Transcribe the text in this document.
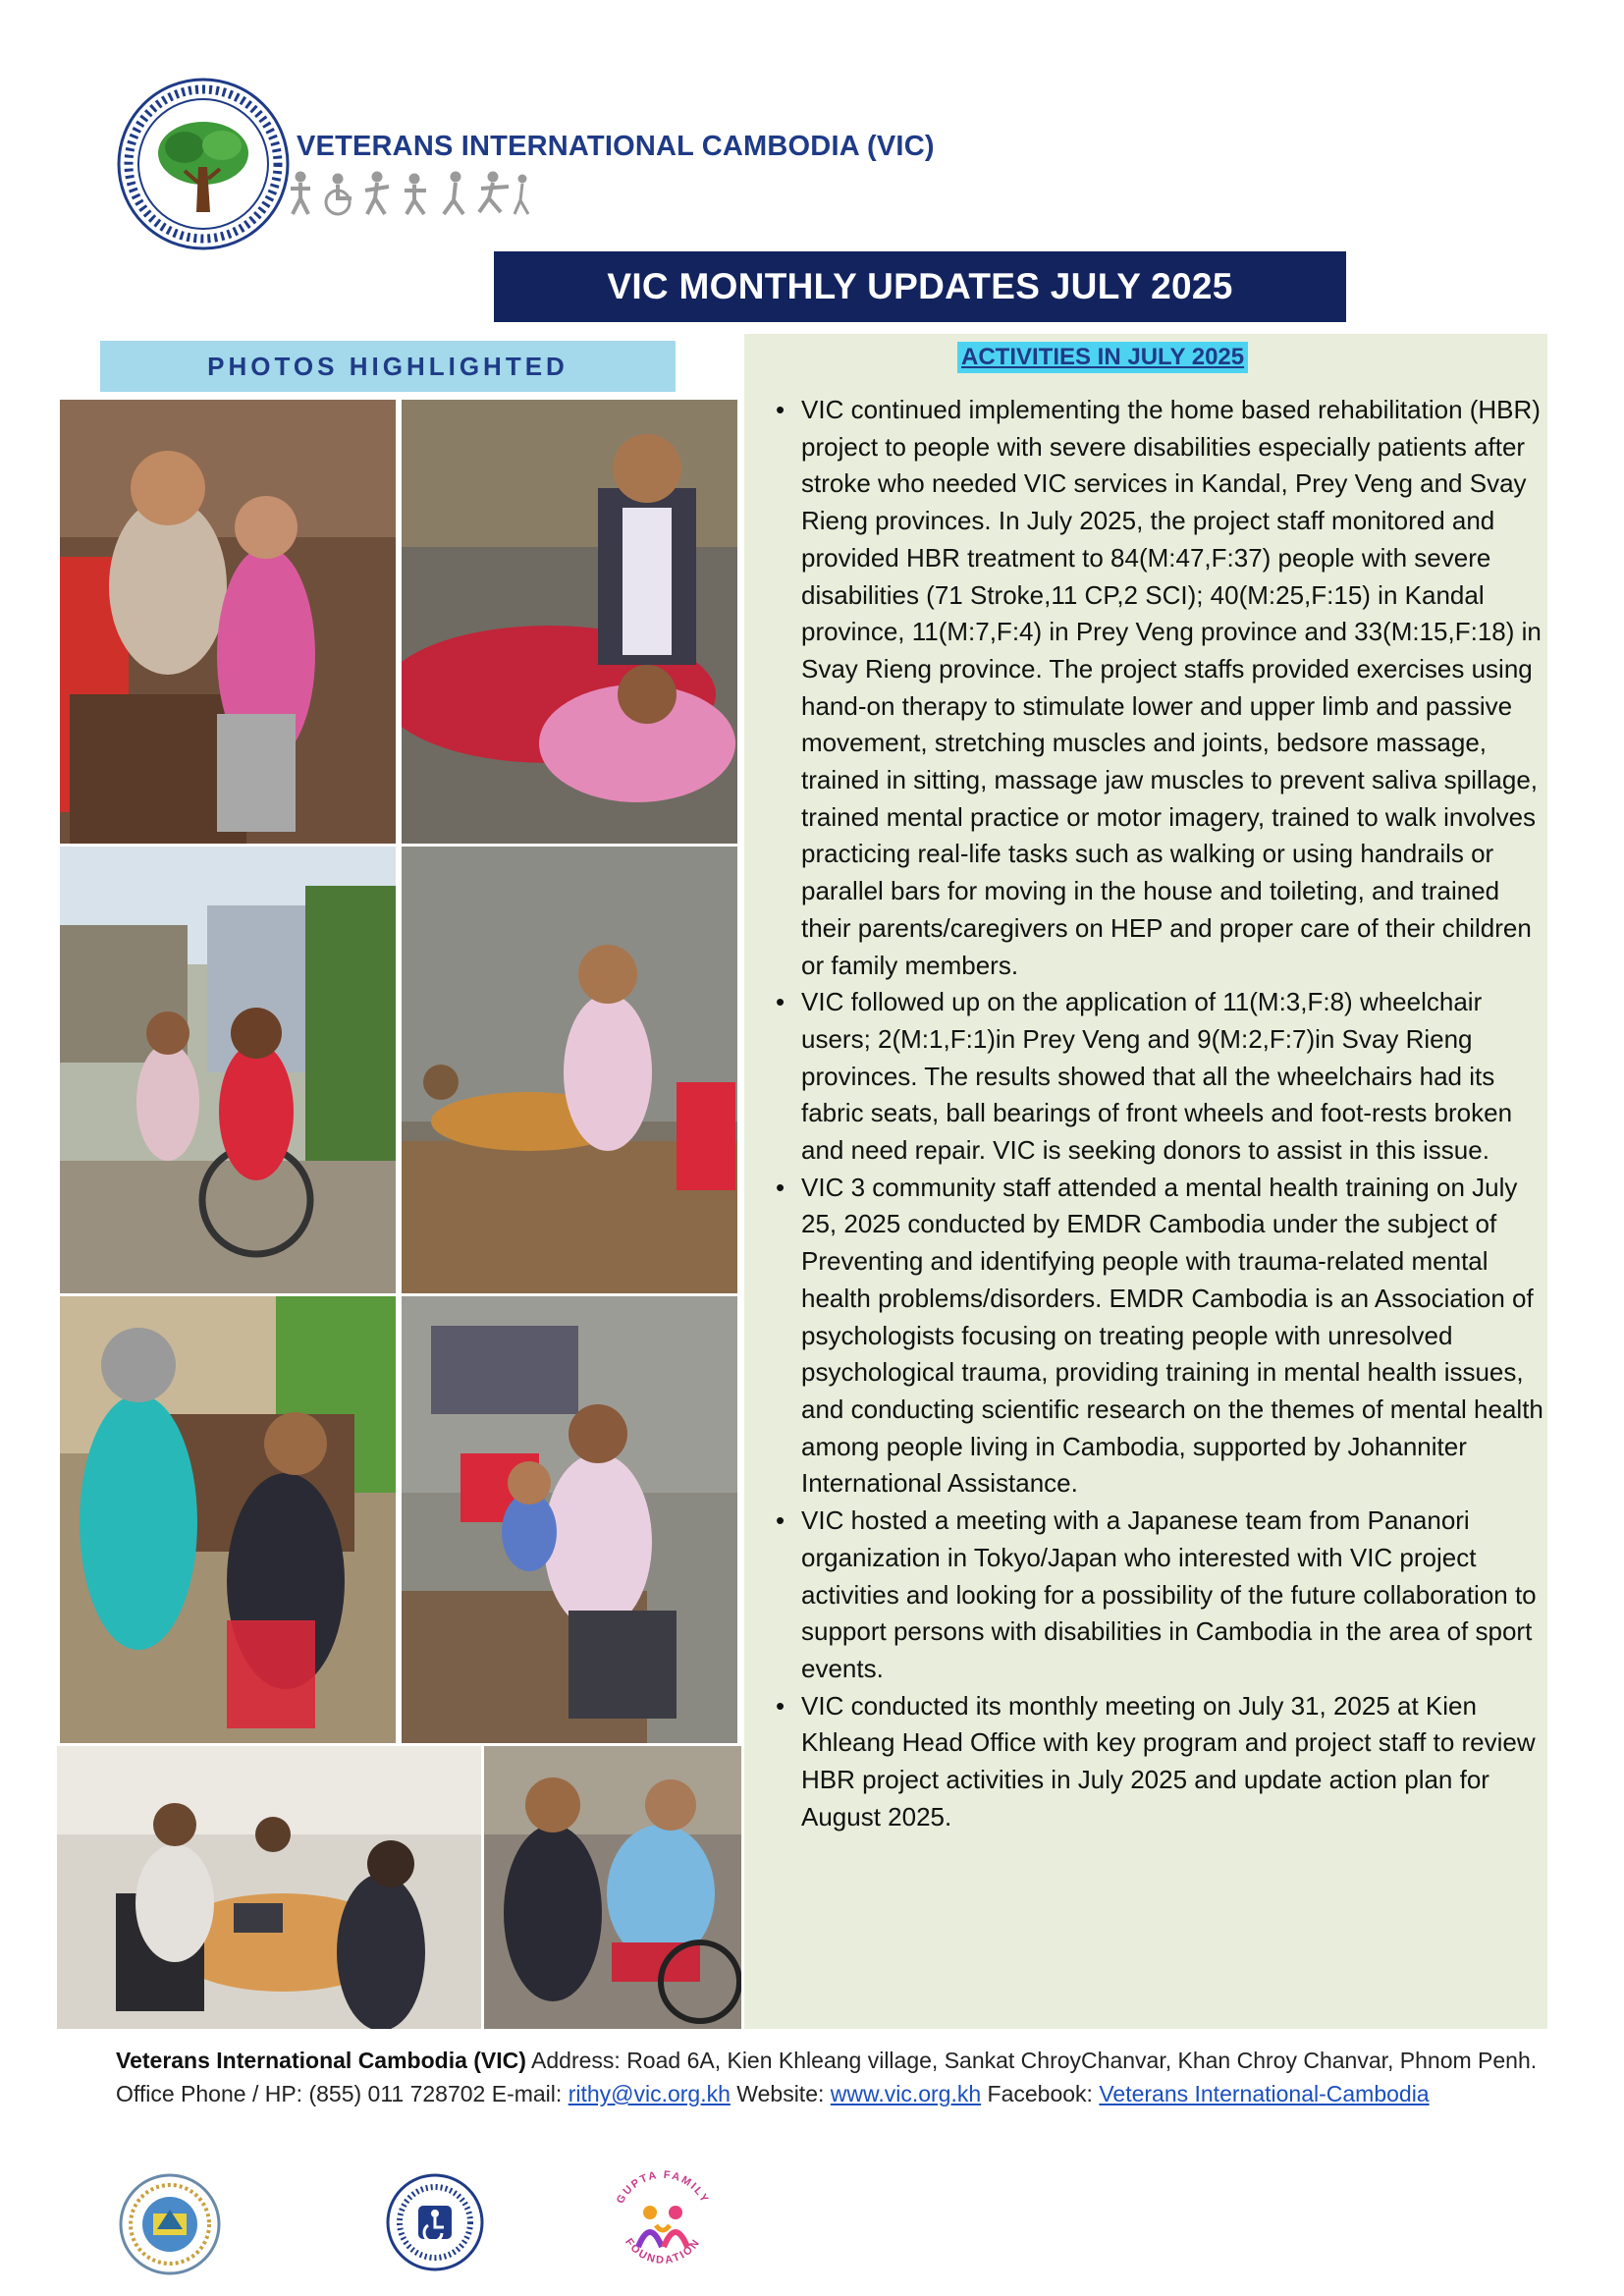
VETERANS INTERNATIONAL CAMBODIA (VIC)
VIC MONTHLY UPDATES JULY 2025
PHOTOS HIGHLIGHTED	ACTIVITIES IN JULY 2025
• VIC continued implementing the home based rehabilitation (HBR) project to people with severe disabilities especially patients after stroke who needed VIC services in Kandal, Prey Veng and Svay Rieng provinces. In July 2025, the project staff monitored and provided HBR treatment to 84(M:47,F:37) people with severe disabilities (71 Stroke,11 CP,2 SCI); 40(M:25,F:15) in Kandal province, 11(M:7,F:4) in Prey Veng province and 33(M:15,F:18) in Svay Rieng province. The project staffs provided exercises using hand-on therapy to stimulate lower and upper limb and passive movement, stretching muscles and joints, bedsore massage, trained in sitting, massage jaw muscles to prevent saliva spillage, trained mental practice or motor imagery, trained to walk involves practicing real-life tasks such as walking or using handrails or parallel bars for moving in the house and toileting, and trained their parents/caregivers on HEP and proper care of their children or family members.
• VIC followed up on the application of 11(M:3,F:8) wheelchair users; 2(M:1,F:1)in Prey Veng and 9(M:2,F:7)in Svay Rieng provinces. The results showed that all the wheelchairs had its fabric seats, ball bearings of front wheels and foot-rests broken and need repair. VIC is seeking donors to assist in this issue.
• VIC 3 community staff attended a mental health training on July 25, 2025 conducted by EMDR Cambodia under the subject of Preventing and identifying people with trauma-related mental health problems/disorders. EMDR Cambodia is an Association of psychologists focusing on treating people with unresolved psychological trauma, providing training in mental health issues, and conducting scientific research on the themes of mental health among people living in Cambodia, supported by Johanniter International Assistance.
• VIC hosted a meeting with a Japanese team from Pananori organization in Tokyo/Japan who interested with VIC project activities and looking for a possibility of the future collaboration to support persons with disabilities in Cambodia in the area of sport events.
• VIC conducted its monthly meeting on July 31, 2025 at Kien Khleang Head Office with key program and project staff to review HBR project activities in July 2025 and update action plan for August 2025.
Veterans International Cambodia (VIC) Address: Road 6A, Kien Khleang village, Sankat ChroyChanvar, Khan Chroy Chanvar, Phnom Penh. Office Phone / HP: (855) 011 728702 E-mail: rithy@vic.org.kh Website: www.vic.org.kh Facebook: Veterans International-Cambodia
GUPTA FAMILY
FOUNDATION
